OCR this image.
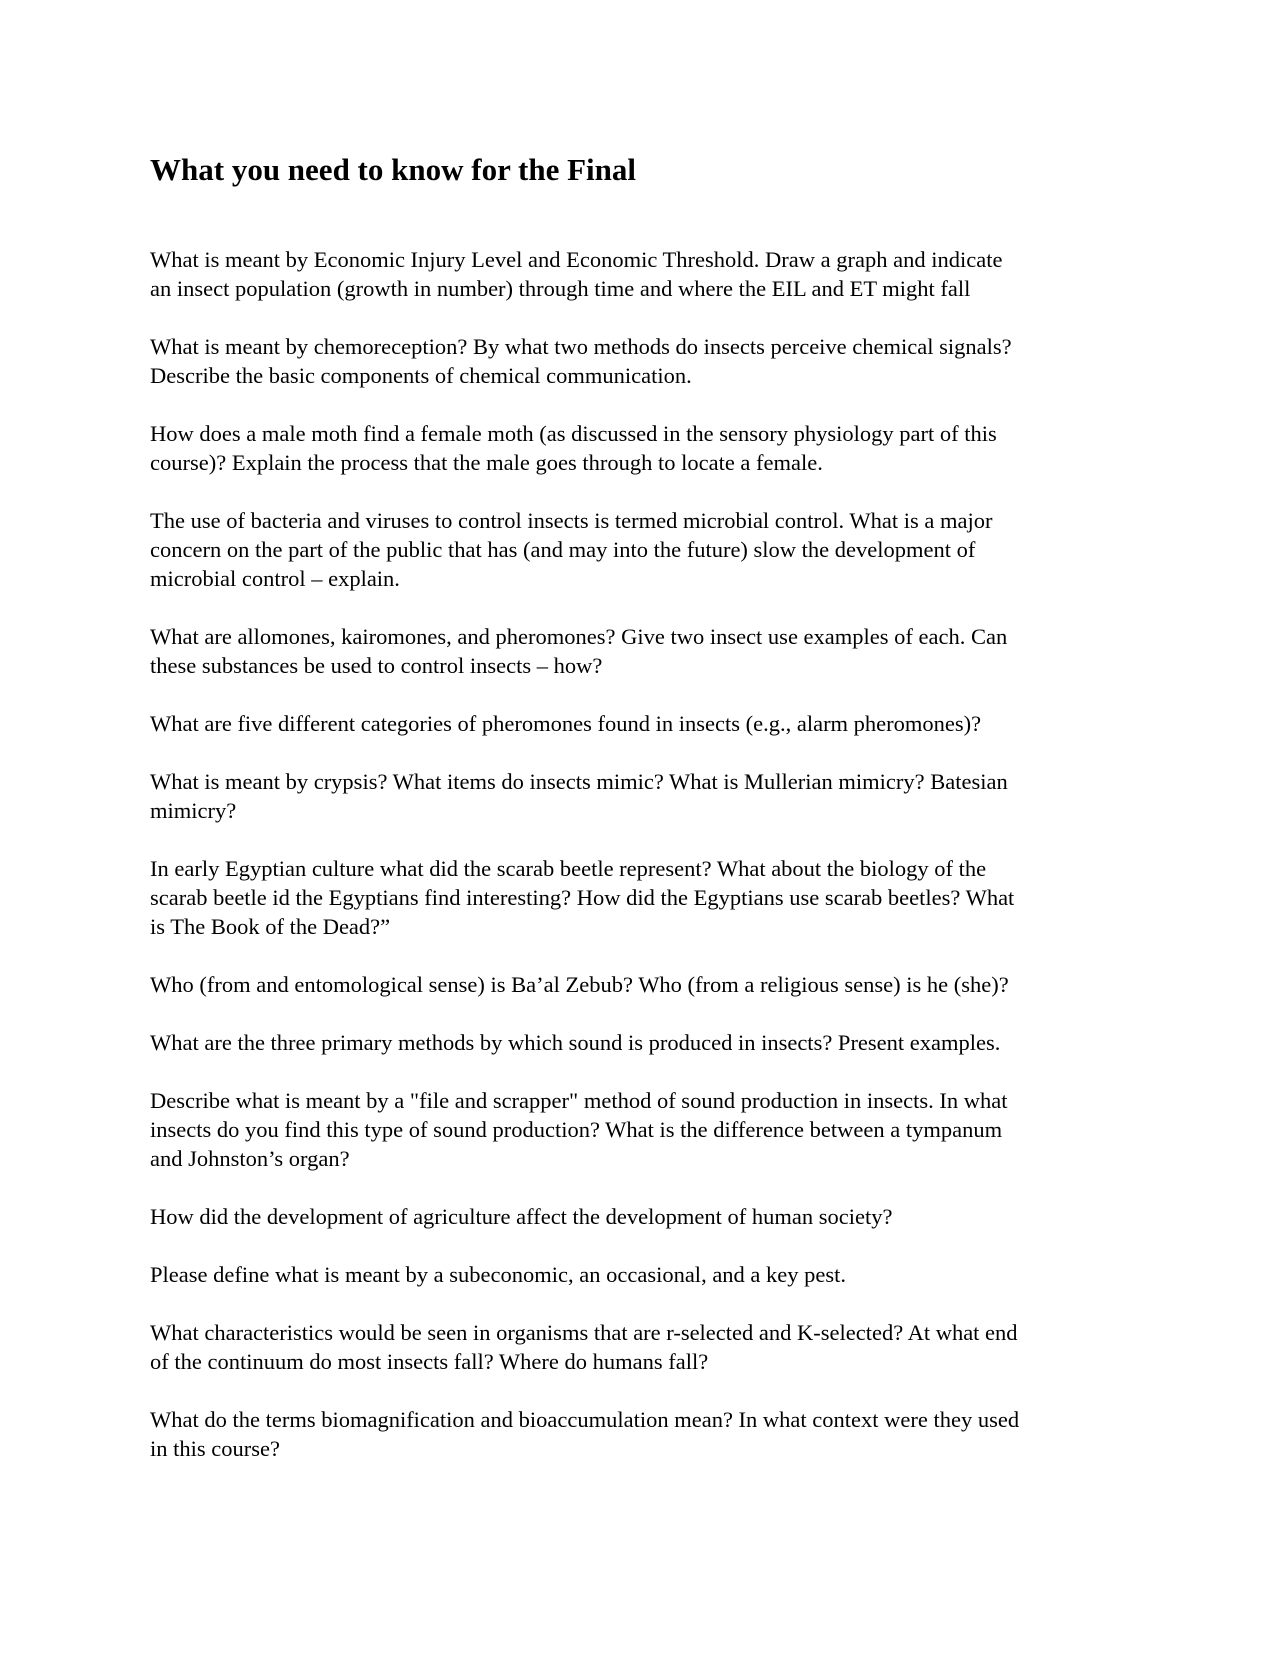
What you need to know for the Final

What is meant by Economic Injury Level and Economic Threshold. Draw a graph and indicate
an insect population (growth in number) through time and where the EIL and ET might fall

What is meant by chemoreception? By what two methods do insects perceive chemical signals?
Describe the basic components of chemical communication.

How does a male moth find a female moth (as discussed in the sensory physiology part of this
course)? Explain the process that the male goes through to locate a female.

The use of bacteria and viruses to control insects is termed microbial control. What is a major
concern on the part of the public that has (and may into the future) slow the development of
microbial control – explain.

What are allomones, kairomones, and pheromones? Give two insect use examples of each. Can
these substances be used to control insects – how?

What are five different categories of pheromones found in insects (e.g., alarm pheromones)?

What is meant by crypsis? What items do insects mimic? What is Mullerian mimicry? Batesian
mimicry?

In early Egyptian culture what did the scarab beetle represent? What about the biology of the
scarab beetle id the Egyptians find interesting? How did the Egyptians use scarab beetles? What
is The Book of the Dead?”

Who (from and entomological sense) is Ba’al Zebub? Who (from a religious sense) is he (she)?

What are the three primary methods by which sound is produced in insects? Present examples.

Describe what is meant by a "file and scrapper" method of sound production in insects. In what
insects do you find this type of sound production? What is the difference between a tympanum
and Johnston’s organ?

How did the development of agriculture affect the development of human society?

Please define what is meant by a subeconomic, an occasional, and a key pest.

What characteristics would be seen in organisms that are r-selected and K-selected? At what end
of the continuum do most insects fall? Where do humans fall?

What do the terms biomagnification and bioaccumulation mean? In what context were they used
in this course?
